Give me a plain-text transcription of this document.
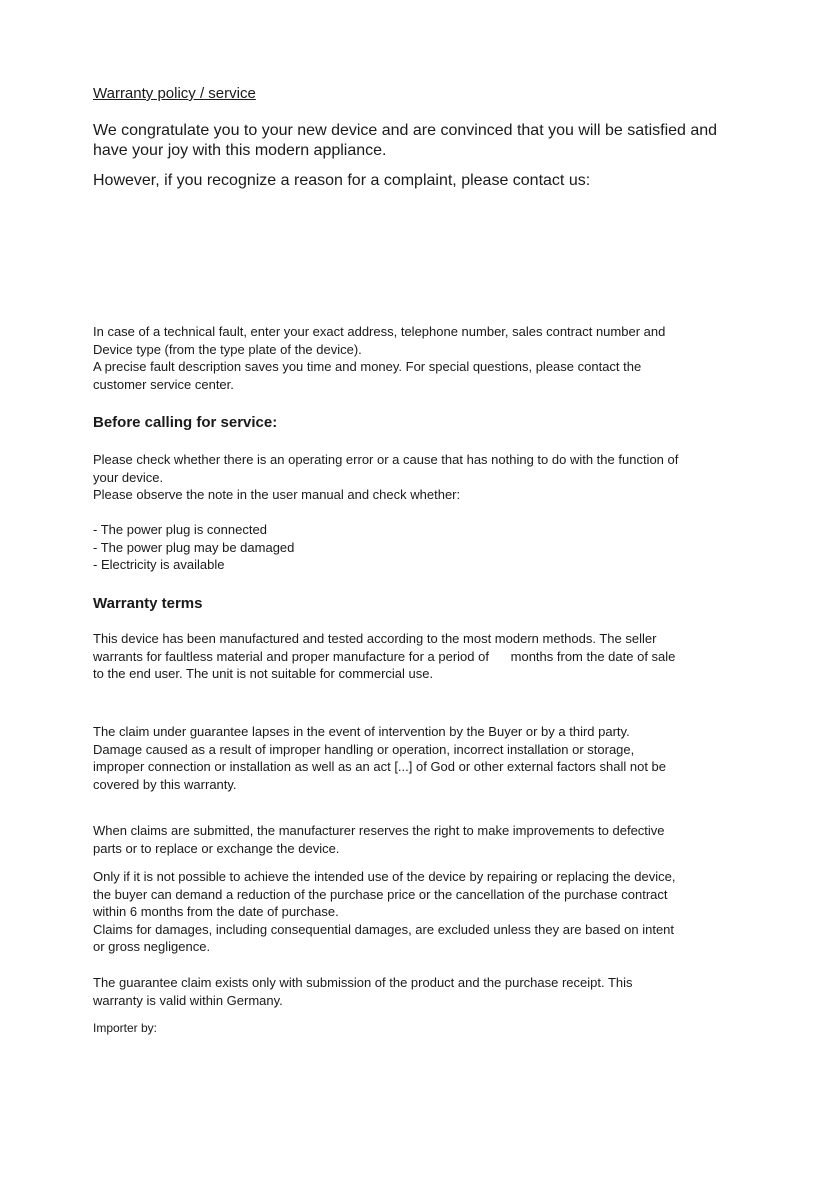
Warranty policy / service
We congratulate you to your new device and are convinced that you will be satisfied and
have your joy with this modern appliance.
However, if you recognize a reason for a complaint, please contact us:
In case of a technical fault, enter your exact address, telephone number, sales contract number and
Device type (from the type plate of the device).
A precise fault description saves you time and money. For special questions, please contact the
customer service center.
Before calling for service:
Please check whether there is an operating error or a cause that has nothing to do with the function of
your device.
Please observe the note in the user manual and check whether:
- The power plug is connected
- The power plug may be damaged
- Electricity is available
Warranty terms
This device has been manufactured and tested according to the most modern methods. The seller
warrants for faultless material and proper manufacture for a period of      months from the date of sale
to the end user. The unit is not suitable for commercial use.
The claim under guarantee lapses in the event of intervention by the Buyer or by a third party.
Damage caused as a result of improper handling or operation, incorrect installation or storage,
improper connection or installation as well as an act [...] of God or other external factors shall not be
covered by this warranty.
When claims are submitted, the manufacturer reserves the right to make improvements to defective
parts or to replace or exchange the device.
Only if it is not possible to achieve the intended use of the device by repairing or replacing the device,
the buyer can demand a reduction of the purchase price or the cancellation of the purchase contract
within 6 months from the date of purchase.
Claims for damages, including consequential damages, are excluded unless they are based on intent
or gross negligence.
The guarantee claim exists only with submission of the product and the purchase receipt. This
warranty is valid within Germany.
Importer by:
